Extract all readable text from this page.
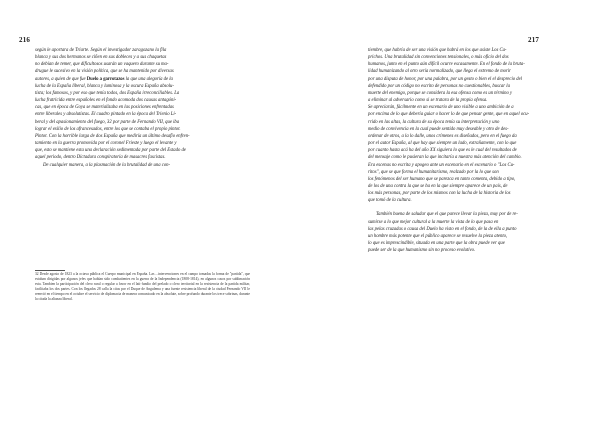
216

según le aportara de Triarte. Según el investigador zaragozano la fila

blanca y sus dos hermanos se ciñen en sus dobleces y a sus chaquetas

no debían de temer, que dificultosos usarán un vaquero durante su ma-

drugue le sucesivo en la visión política, que se ha mantenido por diversas

autores, a quien de que fue Duelo a garrotazos la que una alegoría de la

lucha de la España liberal, blanca y luminosa y la oscura España absolu-

tista; los famosos, y por eso que tenía todos, dos España irreconciliables. La

lucha fratricida entre españoles en el fondo acomoda dos causas antagóni-

cas, que en época de Goya se materializaba en las posiciones enfrentadas

entre liberales y absolutistas. El cuadro pintado en la época del Trienio Li-

beral y del apasionamiento del fuego, 32 por parte de Fernando VII, que iba

lograr el exilio de los afrancesados, entre los que se contaba el propio pintor.

Pintor. Con la horrible larga de dos España que mediría un último desafío enfren-

tamiento en la guerra promovida por el coronel Frieste y luego el levante y

que, esto se mantiene esta una declaración sedimentada por parte del Estado de

aquel periodo, dentro Dictadura conspiratoria de masacres fascistas.

De cualquier manera, a la plasmación de la brutalidad de una con-

32 Desde agosto de 1823 a la octava pública el Cuerpo municipal en España. Las ...intervenciones en el campo tomadas la forma de "partida", que estaban dirigidas por algunos jefes que habían sido combatientes en la guerra de la Independencia (1808-1814), en algunos casos por sublimación esta. Tambien la participación del clero rural o regular a favor en el lati-fundio del prelado o clero territorial en la resistencia de la partida militar, facilitaba los dos partes. Con los llegados 28 calla la citas por el Duque de Angulema y una fuente resistencia liberal de la ciudad Fernando VII le reenvió en el tiempo en el octubre el servicio de diplomacia de manera comunicado en la absolute, sobre profundo durante los trece sobrinas, durante la citada la alianza liberal.

217

tiembre, que habría de ser una visión que habrá en los que asiste Los Ca-

prichos. Una brutalidad sin convenciones tensionales, o más oficio del dos

humanos, junto en el punto aún difícil ocurre escasamente. En el fondo de la bruta-

lidad humanizando al otro sería normalizado, que llega el extremo de morir

por una disputa de honor, por una palabra, por un gesto o bien el el desprecio del

defendido por un código no escrito de personas no cuestionables, buscar la

muerte del enemigo, porque se considera la esa ofensa como es un término y

a eliminar al adversario como si se tratara de la propia ofensa.

Se apreciarán, fácilmente en un escenario de uno visible a uno ambición de a

por encima de lo que debería guiar o hacer lo de que pensar gente, que en aquel ocu-

rrido en las altas, la cultura de su época tenía su interpretación y uno

medio de convivencia en la cual puede sentido muy deseable y otro de des-

ordenar de otros, a la lo dalle, unos crímenes es diseñados, pero en el fuego da

por el autor España, al que hay que siempre un lado, extrañamente, con lo que

por cuanto hasta acá ha del año XX siguiera lo que es le cual del resultados de

del mensaje como le pusieran la que incitaría a nuestra más atención del cambio.

Era escenas no escrita y apogeo ante un escenario en el escenario o "Los Cu-

ritos", que se que forma el humanitarismo, realzado por la lo que son

los fenómenos del ser humano que se parezca en tanto comenta, debido a tipo,

de los de una contra la que se ha en la que siempre aparece de un país, de

los más personas, por parte de los mismos con la lucha de la historia de los

que tomó de la cultura.

También buena de saludar que el que parece llevar la pieza, muy por de re-

sumirse a lo que mejor cultural a la muerte la vista de lo que pasa en

las pelas cruzadas o causa del Duelo ha visto en el fondo, de la de ella a punto

un hombre más potente que el público aparece se resuelve la pieza atento,

lo que es imprescindible, situada en una parte que la obra puede ver que

puede ser de la que humanismo sin no proceso evolutivo.
